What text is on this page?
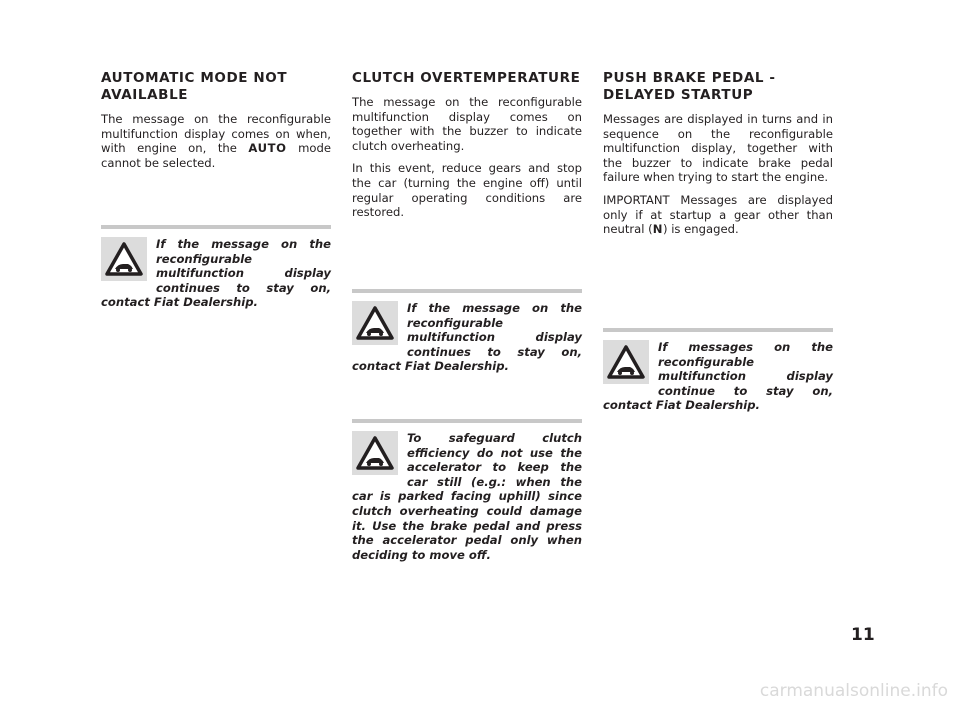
AUTOMATIC MODE NOT AVAILABLE

The message on the reconfigurable multifunction display comes on when, with engine on, the AUTO mode cannot be selected.

If the message on the reconfigurable multifunction display continues to stay on, contact Fiat Dealership.
CLUTCH OVERTEMPERATURE

The message on the reconfigurable multifunction display comes on together with the buzzer to indicate clutch overheating.

In this event, reduce gears and stop the car (turning the engine off) until regular operating conditions are restored.

If the message on the reconfigurable multifunction display continues to stay on, contact Fiat Dealership.
To safeguard clutch efficiency do not use the accelerator to keep the car still (e.g.: when the car is parked facing uphill) since clutch overheating could damage it. Use the brake pedal and press the accelerator pedal only when deciding to move off.
PUSH BRAKE PEDAL - DELAYED STARTUP

Messages are displayed in turns and in sequence on the reconfigurable multifunction display, together with the buzzer to indicate brake pedal failure when trying to start the engine.

IMPORTANT Messages are displayed only if at startup a gear other than neutral (N) is engaged.

If messages on the reconfigurable multifunction display continue to stay on, contact Fiat Dealership.
11
carmanualsonline.info
